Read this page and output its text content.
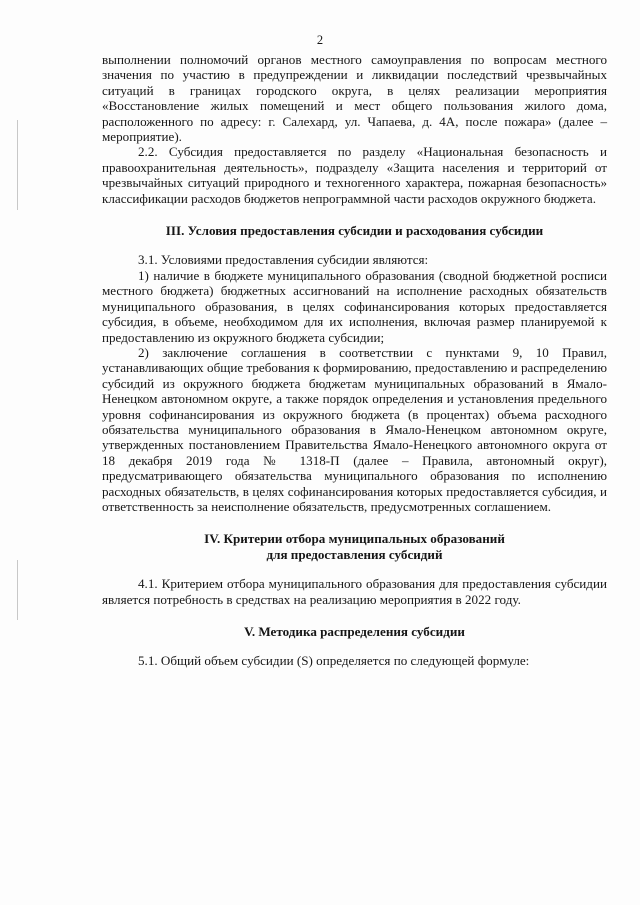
2

выполнении полномочий органов местного самоуправления по вопросам местного значения по участию в предупреждении и ликвидации последствий чрезвычайных ситуаций в границах городского округа, в целях реализации мероприятия «Восстановление жилых помещений и мест общего пользования жилого дома, расположенного по адресу: г. Салехард, ул. Чапаева, д. 4А, после пожара» (далее – мероприятие).

2.2. Субсидия предоставляется по разделу «Национальная безопасность и правоохранительная деятельность», подразделу «Защита населения и территорий от чрезвычайных ситуаций природного и техногенного характера, пожарная безопасность» классификации расходов бюджетов непрограммной части расходов окружного бюджета.

III. Условия предоставления субсидии и расходования субсидии

3.1. Условиями предоставления субсидии являются:

1) наличие в бюджете муниципального образования (сводной бюджетной росписи местного бюджета) бюджетных ассигнований на исполнение расходных обязательств муниципального образования, в целях софинансирования которых предоставляется субсидия, в объеме, необходимом для их исполнения, включая размер планируемой к предоставлению из окружного бюджета субсидии;

2) заключение соглашения в соответствии с пунктами 9, 10 Правил, устанавливающих общие требования к формированию, предоставлению и распределению субсидий из окружного бюджета бюджетам муниципальных образований в Ямало-Ненецком автономном округе, а также порядок определения и установления предельного уровня софинансирования из окружного бюджета (в процентах) объема расходного обязательства муниципального образования в Ямало-Ненецком автономном округе, утвержденных постановлением Правительства Ямало-Ненецкого автономного округа от 18 декабря 2019 года № 1318-П (далее – Правила, автономный округ), предусматривающего обязательства муниципального образования по исполнению расходных обязательств, в целях софинансирования которых предоставляется субсидия, и ответственность за неисполнение обязательств, предусмотренных соглашением.

IV. Критерии отбора муниципальных образований
для предоставления субсидий

4.1. Критерием отбора муниципального образования для предоставления субсидии является потребность в средствах на реализацию мероприятия в 2022 году.

V. Методика распределения субсидии

5.1. Общий объем субсидии (S) определяется по следующей формуле:
